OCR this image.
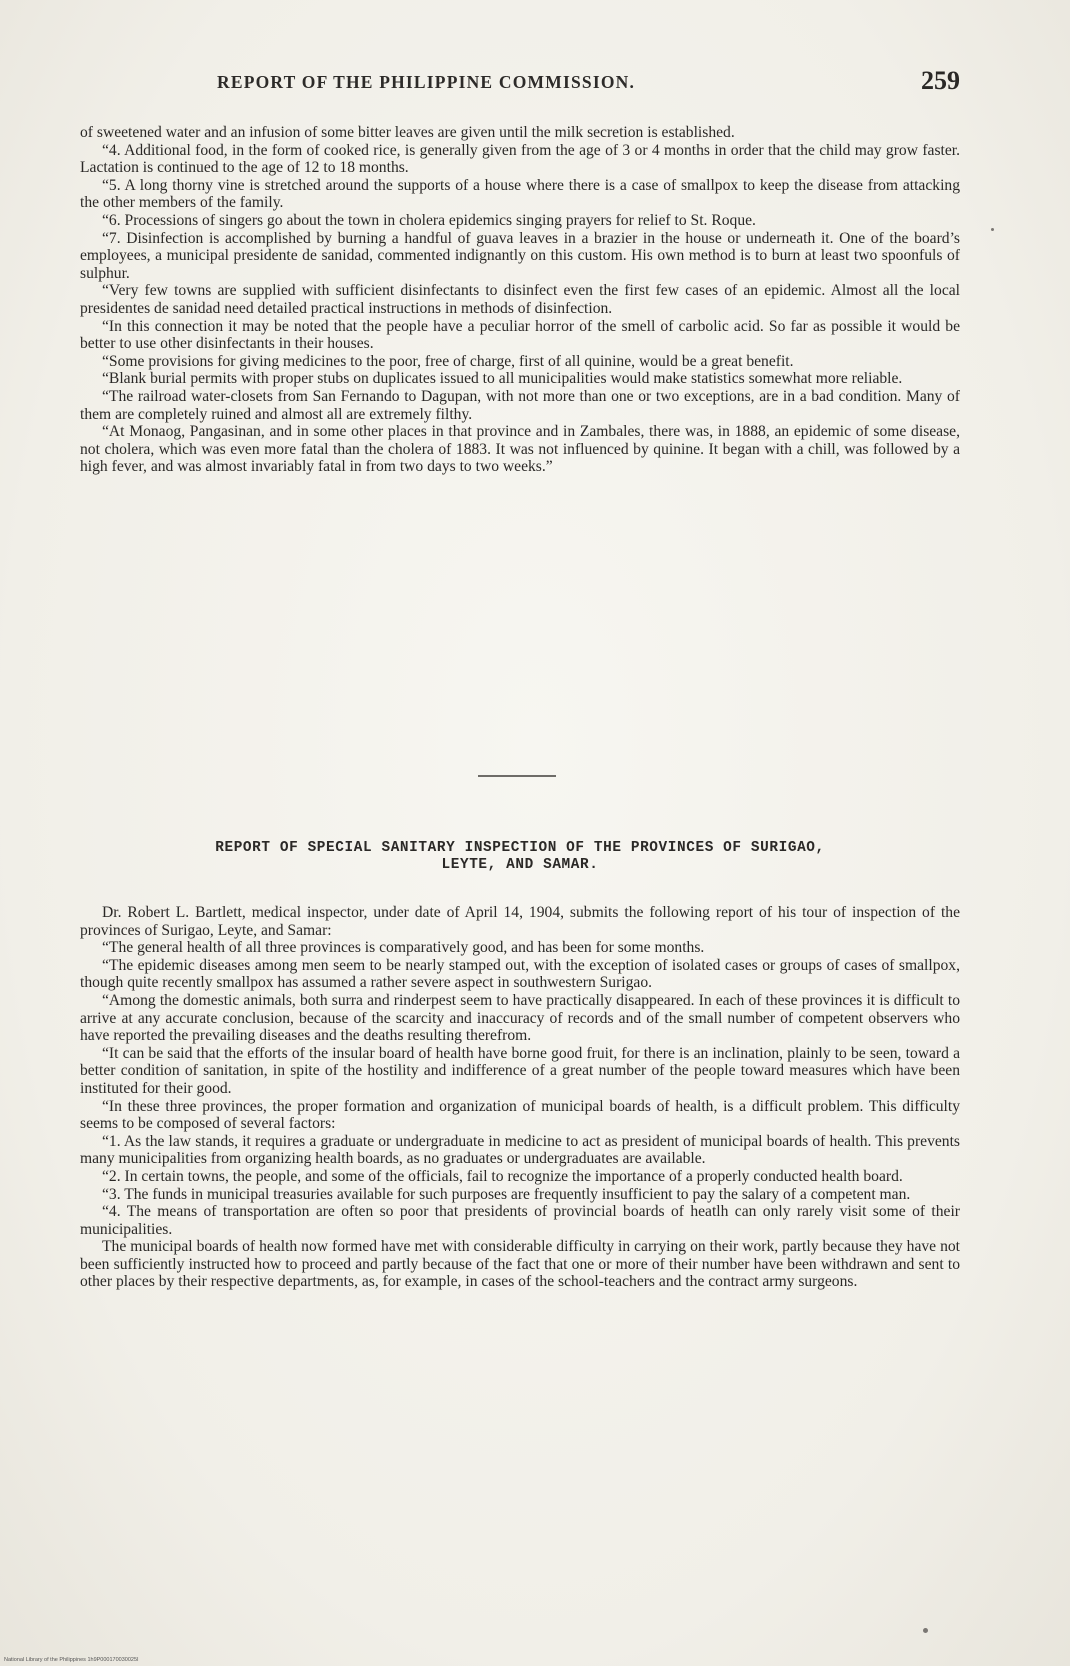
REPORT OF THE PHILIPPINE COMMISSION.	259

of sweetened water and an infusion of some bitter leaves are given until the milk secretion is established.

“4. Additional food, in the form of cooked rice, is generally given from the age of 3 or 4 months in order that the child may grow faster. Lactation is continued to the age of 12 to 18 months.

“5. A long thorny vine is stretched around the supports of a house where there is a case of smallpox to keep the disease from attacking the other members of the family.

“6. Processions of singers go about the town in cholera epidemics singing prayers for relief to St. Roque.

“7. Disinfection is accomplished by burning a handful of guava leaves in a brazier in the house or underneath it. One of the board’s employees, a municipal presidente de sanidad, commented indignantly on this custom. His own method is to burn at least two spoonfuls of sulphur.

“Very few towns are supplied with sufficient disinfectants to disinfect even the first few cases of an epidemic. Almost all the local presidentes de sanidad need detailed practical instructions in methods of disinfection.

“In this connection it may be noted that the people have a peculiar horror of the smell of carbolic acid. So far as possible it would be better to use other disinfectants in their houses.

“Some provisions for giving medicines to the poor, free of charge, first of all quinine, would be a great benefit.

“Blank burial permits with proper stubs on duplicates issued to all municipalities would make statistics somewhat more reliable.

“The railroad water-closets from San Fernando to Dagupan, with not more than one or two exceptions, are in a bad condition. Many of them are completely ruined and almost all are extremely filthy.

“At Monaog, Pangasinan, and in some other places in that province and in Zambales, there was, in 1888, an epidemic of some disease, not cholera, which was even more fatal than the cholera of 1883. It was not influenced by quinine. It began with a chill, was followed by a high fever, and was almost invariably fatal in from two days to two weeks.”

REPORT OF SPECIAL SANITARY INSPECTION OF THE PROVINCES OF SURIGAO,
LEYTE, AND SAMAR.

Dr. Robert L. Bartlett, medical inspector, under date of April 14, 1904, submits the following report of his tour of inspection of the provinces of Surigao, Leyte, and Samar:

“The general health of all three provinces is comparatively good, and has been for some months.

“The epidemic diseases among men seem to be nearly stamped out, with the exception of isolated cases or groups of cases of smallpox, though quite recently smallpox has assumed a rather severe aspect in southwestern Surigao.

“Among the domestic animals, both surra and rinderpest seem to have practically disappeared. In each of these provinces it is difficult to arrive at any accurate conclusion, because of the scarcity and inaccuracy of records and of the small number of competent observers who have reported the prevailing diseases and the deaths resulting therefrom.

“It can be said that the efforts of the insular board of health have borne good fruit, for there is an inclination, plainly to be seen, toward a better condition of sanitation, in spite of the hostility and indifference of a great number of the people toward measures which have been instituted for their good.

“In these three provinces, the proper formation and organization of municipal boards of health, is a difficult problem. This difficulty seems to be composed of several factors:

“1. As the law stands, it requires a graduate or undergraduate in medicine to act as president of municipal boards of health. This prevents many municipalities from organizing health boards, as no graduates or undergraduates are available.

“2. In certain towns, the people, and some of the officials, fail to recognize the importance of a properly conducted health board.

“3. The funds in municipal treasuries available for such purposes are frequently insufficient to pay the salary of a competent man.

“4. The means of transportation are often so poor that presidents of provincial boards of heatlh can only rarely visit some of their municipalities.

The municipal boards of health now formed have met with considerable difficulty in carrying on their work, partly because they have not been sufficiently instructed how to proceed and partly because of the fact that one or more of their number have been withdrawn and sent to other places by their respective departments, as, for example, in cases of the school-teachers and the contract army surgeons.

National Library of the Philippines 1h9P000170030025I
